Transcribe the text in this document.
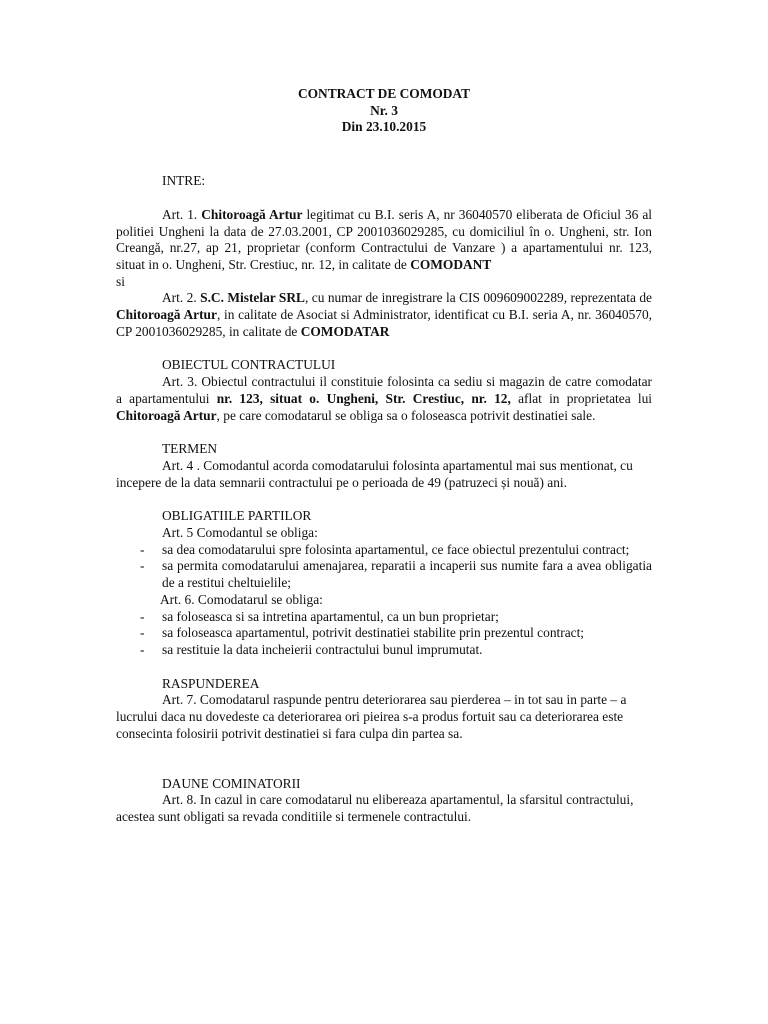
CONTRACT DE COMODAT
Nr. 3
Din 23.10.2015

INTRE:

Art. 1. Chitoroagă Artur legitimat cu B.I. seris A, nr 36040570 eliberata de Oficiul 36 al politiei Ungheni la data de 27.03.2001, CP 2001036029285, cu domiciliul în o. Ungheni, str. Ion Creangă, nr.27, ap 21, proprietar (conform Contractului de Vanzare ) a apartamentului nr. 123, situat in o. Ungheni, Str. Crestiuc, nr. 12, in calitate de COMODANT

si

Art. 2. S.C. Mistelar SRL, cu numar de inregistrare la CIS 009609002289, reprezentata de Chitoroagă Artur, in calitate de Asociat si Administrator, identificat cu B.I. seria A, nr. 36040570, CP 2001036029285, in calitate de COMODATAR

OBIECTUL CONTRACTULUI

Art. 3. Obiectul contractului il constituie folosinta ca sediu si magazin de catre comodatar a apartamentului nr. 123, situat o. Ungheni, Str. Crestiuc, nr. 12, aflat in proprietatea lui Chitoroagă Artur, pe care comodatarul se obliga sa o foloseasca potrivit destinatiei sale.

TERMEN

Art. 4 . Comodantul acorda comodatarului folosinta apartamentul mai sus mentionat, cu incepere de la data semnarii contractului pe o perioada de 49 (patruzeci și nouă) ani.

OBLIGATIILE PARTILOR

Art. 5 Comodantul se obliga:

-	sa dea comodatarului spre folosinta apartamentul, ce face obiectul prezentului contract;
-	sa permita comodatarului amenajarea, reparatii a incaperii sus numite fara a avea obligatia de a restitui cheltuielile;

Art. 6. Comodatarul se obliga:

-	sa foloseasca si sa intretina apartamentul, ca un bun proprietar;
-	sa foloseasca apartamentul, potrivit destinatiei stabilite prin prezentul contract;
-	sa restituie la data incheierii contractului bunul imprumutat.

RASPUNDEREA

Art. 7. Comodatarul raspunde pentru deteriorarea sau pierderea – in tot sau in parte – a lucrului daca nu dovedeste ca deteriorarea ori pieirea s-a produs fortuit sau ca deteriorarea este consecinta folosirii potrivit destinatiei si fara culpa din partea sa.

DAUNE COMINATORII

Art. 8. In cazul in care comodatarul nu elibereaza apartamentul, la sfarsitul contractului, acestea sunt obligati sa revada conditiile si termenele contractului.
